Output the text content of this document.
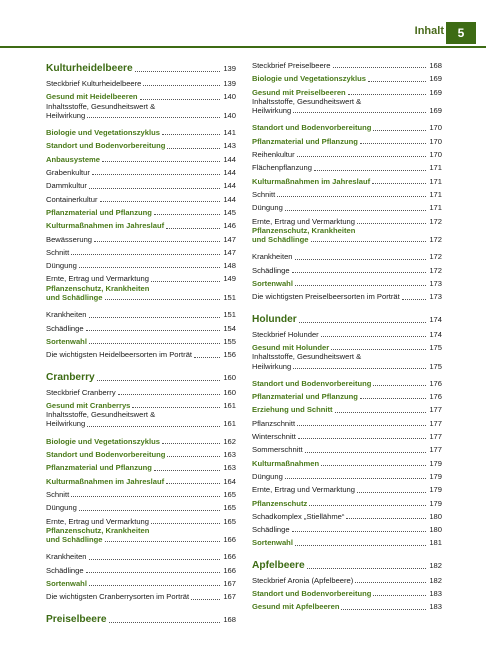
Inhalt	5
Kulturheidelbeere	139
Steckbrief Kulturheidelbeere	139
Gesund mit Heidelbeeren	140
Inhaltsstoffe, Gesundheitswert &
Heilwirkung	140
Biologie und Vegetationszyklus	141
Standort und Bodenvorbereitung	143
Anbausysteme	144
Grabenkultur	144
Dammkultur	144
Containerkultur	144
Pflanzmaterial und Pflanzung	145
Kulturmaßnahmen im Jahreslauf	146
Bewässerung	147
Schnitt	147
Düngung	148
Ernte, Ertrag und Vermarktung	149
Pflanzenschutz, Krankheiten
und Schädlinge	151
Krankheiten	151
Schädlinge	154
Sortenwahl	155
Die wichtigsten Heidelbeersorten im Porträt	156
Cranberry	160
Steckbrief Cranberry	160
Gesund mit Cranberrys	161
Inhaltsstoffe, Gesundheitswert &
Heilwirkung	161
Biologie und Vegetationszyklus	162
Standort und Bodenvorbereitung	163
Pflanzmaterial und Pflanzung	163
Kulturmaßnahmen im Jahreslauf	164
Schnitt	165
Düngung	165
Ernte, Ertrag und Vermarktung	165
Pflanzenschutz, Krankheiten
und Schädlinge	166
Krankheiten	166
Schädlinge	166
Sortenwahl	167
Die wichtigsten Cranberrysorten im Porträt	167
Preiselbeere	168
Steckbrief Preiselbeere	168
Biologie und Vegetationszyklus	169
Gesund mit Preiselbeeren	169
Inhaltsstoffe, Gesundheitswert &
Heilwirkung	169
Standort und Bodenvorbereitung	170
Pflanzmaterial und Pflanzung	170
Reihenkultur	170
Flächenpflanzung	171
Kulturmaßnahmen im Jahreslauf	171
Schnitt	171
Düngung	171
Ernte, Ertrag und Vermarktung	172
Pflanzenschutz, Krankheiten
und Schädlinge	172
Krankheiten	172
Schädlinge	172
Sortenwahl	173
Die wichtigsten Preiselbeersorten im Porträt	173
Holunder	174
Steckbrief Holunder	174
Gesund mit Holunder	175
Inhaltsstoffe, Gesundheitswert &
Heilwirkung	175
Standort und Bodenvorbereitung	176
Pflanzmaterial und Pflanzung	176
Erziehung und Schnitt	177
Pflanzschnitt	177
Winterschnitt	177
Sommerschnitt	177
Kulturmaßnahmen	179
Düngung	179
Ernte, Ertrag und Vermarktung	179
Pflanzenschutz	179
Schadkomplex „Stiellähme“	180
Schädlinge	180
Sortenwahl	181
Apfelbeere	182
Steckbrief Aronia (Apfelbeere)	182
Standort und Bodenvorbereitung	183
Gesund mit Apfelbeeren	183
